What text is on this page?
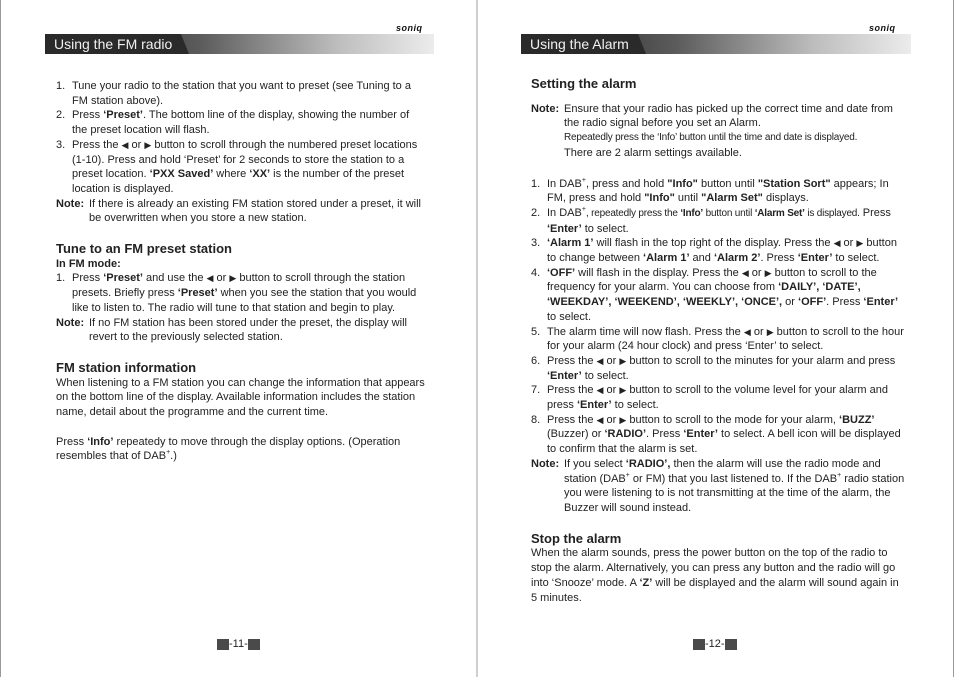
soniq
Using the FM radio
1. Tune your radio to the station that you want to preset (see Tuning to a FM station above).
2. Press ‘Preset’. The bottom line of the display, showing the number of the preset location will flash.
3. Press the ◀ or ▶ button to scroll through the numbered preset locations (1-10). Press and hold ‘Preset’ for 2 seconds to store the station to a preset location. ‘PXX Saved’ where ‘XX’ is the number of the preset location is displayed.
Note: If there is already an existing FM station stored under a preset, it will be overwritten when you store a new station.
Tune to an FM preset station
In FM mode:
1. Press ‘Preset’ and use the ◀ or ▶ button to scroll through the station presets. Briefly press ‘Preset’ when you see the station that you would like to listen to. The radio will tune to that station and begin to play.
Note: If no FM station has been stored under the preset, the display will revert to the previously selected station.
FM station information

When listening to a FM station you can change the information that appears on the bottom line of the display. Available information includes the station name, detail about the programme and the current time.

Press ‘Info’ repeatedy to move through the display options. (Operation resembles that of DAB+.)

-11-
soniq
Using the Alarm
Setting the alarm
Note: Ensure that your radio has picked up the correct time and date from the radio signal before you set an Alarm.
Repeatedly press the ‘Info’ button until the time and date is displayed.
There are 2 alarm settings available.
1. In DAB+, press and hold "Info" button until "Station Sort" appears; In FM, press and hold "Info" until "Alarm Set" displays.
2. In DAB+, repeatedly press the ‘Info’ button until ‘Alarm Set’ is displayed. Press ‘Enter’ to select.
3. ‘Alarm 1’ will flash in the top right of the display. Press the ◀ or ▶ button to change between ‘Alarm 1’ and ‘Alarm 2’. Press ‘Enter’ to select.
4. ‘OFF’ will flash in the display. Press the ◀ or ▶ button to scroll to the frequency for your alarm. You can choose from ‘DAILY’, ‘DATE’, ‘WEEKDAY’, ‘WEEKEND’, ‘WEEKLY’, ‘ONCE’, or ‘OFF’. Press ‘Enter’ to select.
5. The alarm time will now flash. Press the ◀ or ▶ button to scroll to the hour for your alarm (24 hour clock) and press ‘Enter’ to select.
6. Press the ◀ or ▶ button to scroll to the minutes for your alarm and press ‘Enter’ to select.
7. Press the ◀ or ▶ button to scroll to the volume level for your alarm and press ‘Enter’ to select.
8. Press the ◀ or ▶ button to scroll to the mode for your alarm, ‘BUZZ’ (Buzzer) or ‘RADIO’. Press ‘Enter’ to select. A bell icon will be displayed to confirm that the alarm is set.
Note: If you select ‘RADIO’, then the alarm will use the radio mode and station (DAB+ or FM) that you last listened to. If the DAB+ radio station you were listening to is not transmitting at the time of the alarm, the Buzzer will sound instead.
Stop the alarm

When the alarm sounds, press the power button on the top of the radio to stop the alarm. Alternatively, you can press any button and the radio will go into ‘Snooze’ mode. A ‘Z’ will be displayed and the alarm will sound again in 5 minutes.

-12-
